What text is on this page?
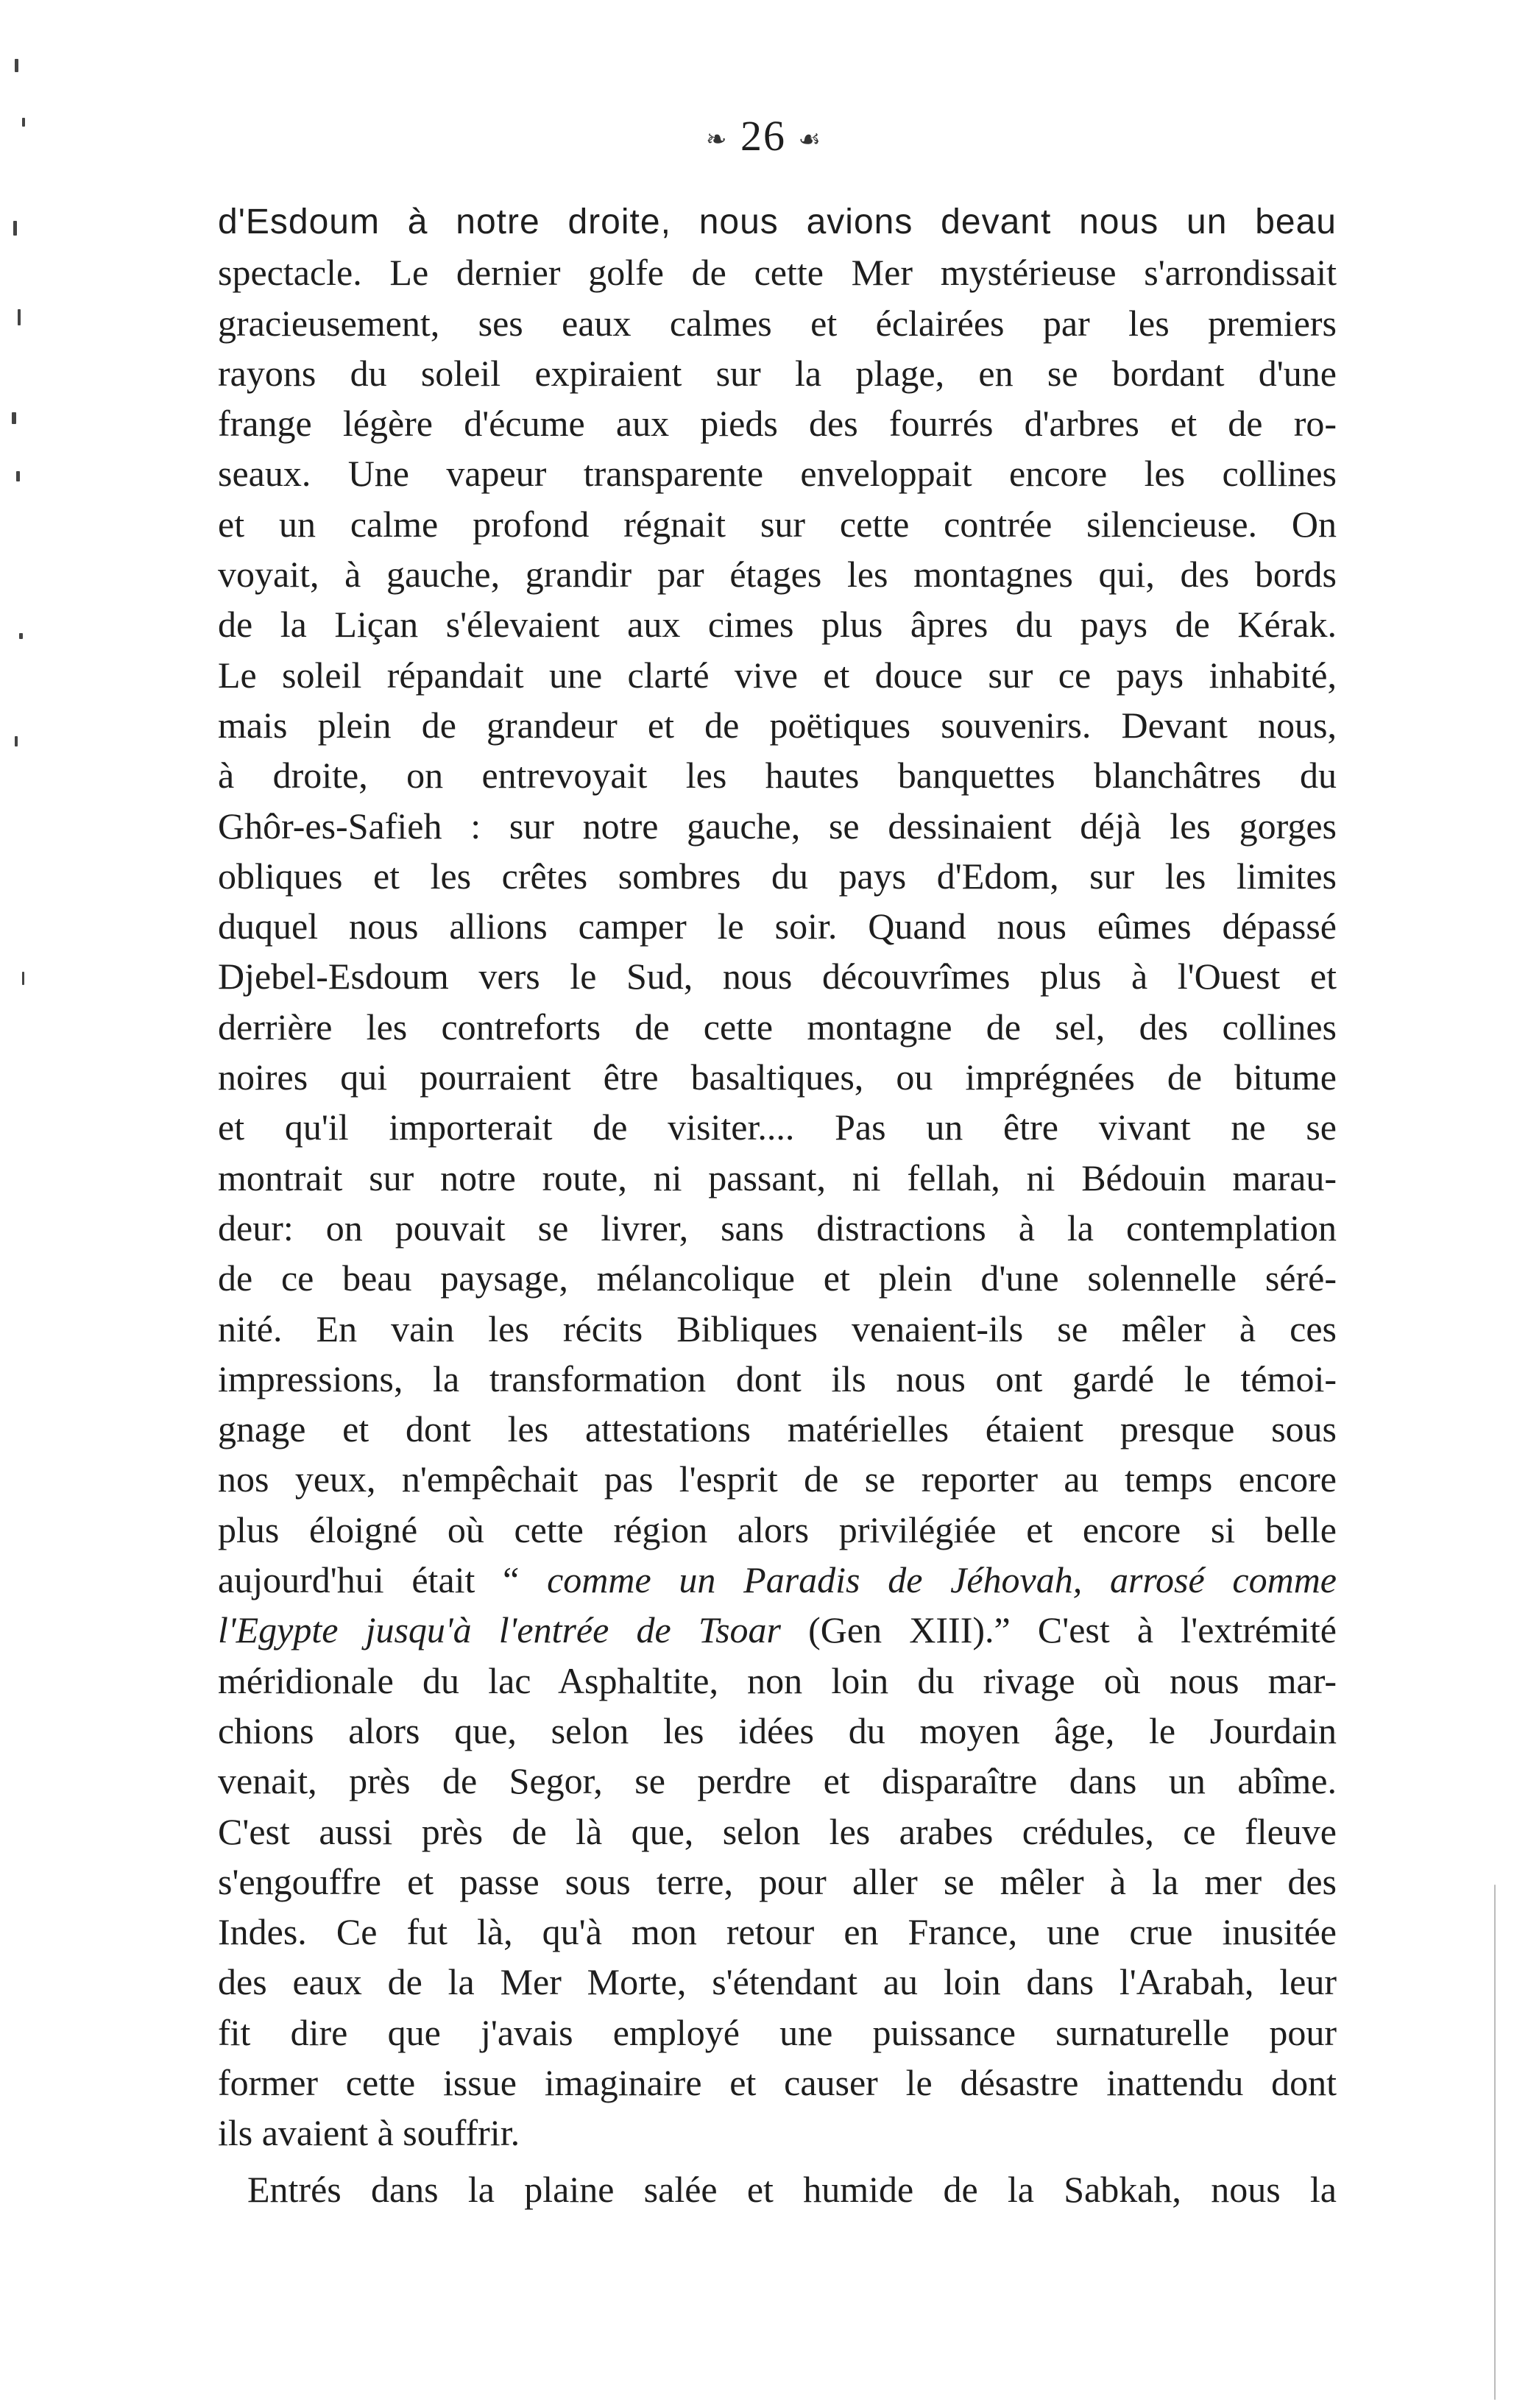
❧ 26 ☙
d'Esdoum à notre droite, nous avions devant nous un beau
spectacle. Le dernier golfe de cette Mer mystérieuse s'arrondissait
gracieusement, ses eaux calmes et éclairées par les premiers
rayons du soleil expiraient sur la plage, en se bordant d'une
frange légère d'écume aux pieds des fourrés d'arbres et de ro-
seaux. Une vapeur transparente enveloppait encore les collines
et un calme profond régnait sur cette contrée silencieuse. On
voyait, à gauche, grandir par étages les montagnes qui, des bords
de la Liçan s'élevaient aux cimes plus âpres du pays de Kérak.
Le soleil répandait une clarté vive et douce sur ce pays inhabité,
mais plein de grandeur et de poëtiques souvenirs. Devant nous,
à droite, on entrevoyait les hautes banquettes blanchâtres du
Ghôr-es-Safieh : sur notre gauche, se dessinaient déjà les gorges
obliques et les crêtes sombres du pays d'Edom, sur les limites
duquel nous allions camper le soir. Quand nous eûmes dépassé
Djebel-Esdoum vers le Sud, nous découvrîmes plus à l'Ouest et
derrière les contreforts de cette montagne de sel, des collines
noires qui pourraient être basaltiques, ou imprégnées de bitume
et qu'il importerait de visiter.... Pas un être vivant ne se
montrait sur notre route, ni passant, ni fellah, ni Bédouin marau-
deur: on pouvait se livrer, sans distractions à la contemplation
de ce beau paysage, mélancolique et plein d'une solennelle séré-
nité. En vain les récits Bibliques venaient-ils se mêler à ces
impressions, la transformation dont ils nous ont gardé le témoi-
gnage et dont les attestations matérielles étaient presque sous
nos yeux, n'empêchait pas l'esprit de se reporter au temps encore
plus éloigné où cette région alors privilégiée et encore si belle
aujourd'hui était “ comme un Paradis de Jéhovah, arrosé comme
l'Egypte jusqu'à l'entrée de Tsoar (Gen XIII).” C'est à l'extrémité
méridionale du lac Asphaltite, non loin du rivage où nous mar-
chions alors que, selon les idées du moyen âge, le Jourdain
venait, près de Segor, se perdre et disparaître dans un abîme.
C'est aussi près de là que, selon les arabes crédules, ce fleuve
s'engouffre et passe sous terre, pour aller se mêler à la mer des
Indes. Ce fut là, qu'à mon retour en France, une crue inusitée
des eaux de la Mer Morte, s'étendant au loin dans l'Arabah, leur
fit dire que j'avais employé une puissance surnaturelle pour
former cette issue imaginaire et causer le désastre inattendu dont
ils avaient à souffrir.
Entrés dans la plaine salée et humide de la Sabkah, nous la
